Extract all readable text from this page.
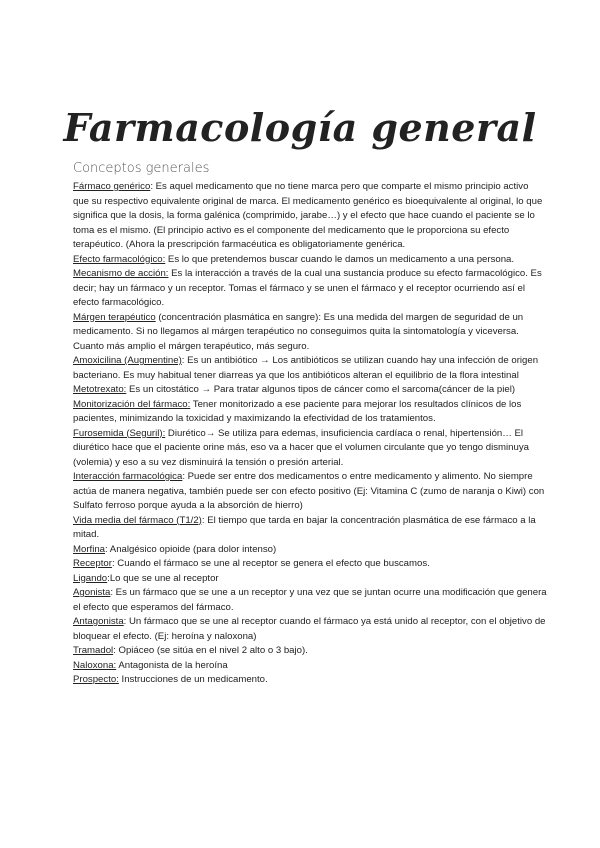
Farmacología general
Conceptos generales

Fármaco genérico: Es aquel medicamento que no tiene marca pero que comparte el mismo principio activo que su respectivo equivalente original de marca. El medicamento genérico es bioequivalente al original, lo que significa que la dosis, la forma galénica (comprimido, jarabe…) y el efecto que hace cuando el paciente se lo toma es el mismo. (El principio activo es el componente del medicamento que le proporciona su efecto terapéutico. (Ahora la prescripción farmacéutica es obligatoriamente genérica.

Efecto farmacológico: Es lo que pretendemos buscar cuando le damos un medicamento a una persona.

Mecanismo de acción: Es la interacción a través de la cual una sustancia produce su efecto farmacológico. Es decir; hay un fármaco y un receptor. Tomas el fármaco y se unen el fármaco y el receptor ocurriendo así el efecto farmacológico.

Márgen terapéutico (concentración plasmática en sangre): Es una medida del margen de seguridad de un medicamento. Si no llegamos al márgen terapéutico no conseguimos quita la sintomatología y viceversa. Cuanto más amplio el márgen terapéutico, más seguro.

Amoxicilina (Augmentine): Es un antibiótico → Los antibióticos se utilizan cuando hay una infección de origen bacteriano. Es muy habitual tener diarreas ya que los antibióticos alteran el equilibrio de la flora intestinal

Metotrexato: Es un citostático → Para tratar algunos tipos de cáncer como el sarcoma(cáncer de la piel)

Monitorización del fármaco: Tener monitorizado a ese paciente para mejorar los resultados clínicos de los pacientes, minimizando la toxicidad y maximizando la efectividad de los tratamientos.

Furosemida (Seguril): Diurético→ Se utiliza para edemas, insuficiencia cardíaca o renal, hipertensión… El diurético hace que el paciente orine más, eso va a hacer que el volumen circulante que yo tengo disminuya (volemia) y eso a su vez disminuirá la tensión o presión arterial.

Interacción farmacológica: Puede ser entre dos medicamentos o entre medicamento y alimento. No siempre actúa de manera negativa, también puede ser con efecto positivo (Ej: Vitamina C (zumo de naranja o Kiwi) con Sulfato ferroso porque ayuda a la absorción de hierro)

Vida media del fármaco (T1/2): El tiempo que tarda en bajar la concentración plasmática de ese fármaco a la mitad.

Morfina: Analgésico opioide (para dolor intenso)

Receptor: Cuando el fármaco se une al receptor se genera el efecto que buscamos.

Ligando:Lo que se une al receptor

Agonista: Es un fármaco que se une a un receptor y una vez que se juntan ocurre una modificación que genera el efecto que esperamos del fármaco.

Antagonista: Un fármaco que se une al receptor cuando el fármaco ya está unido al receptor, con el objetivo de bloquear el efecto. (Ej: heroína y naloxona)

Tramadol: Opiáceo (se sitúa en el nivel 2 alto o 3 bajo).

Naloxona: Antagonista de la heroína

Prospecto: Instrucciones de un medicamento.
